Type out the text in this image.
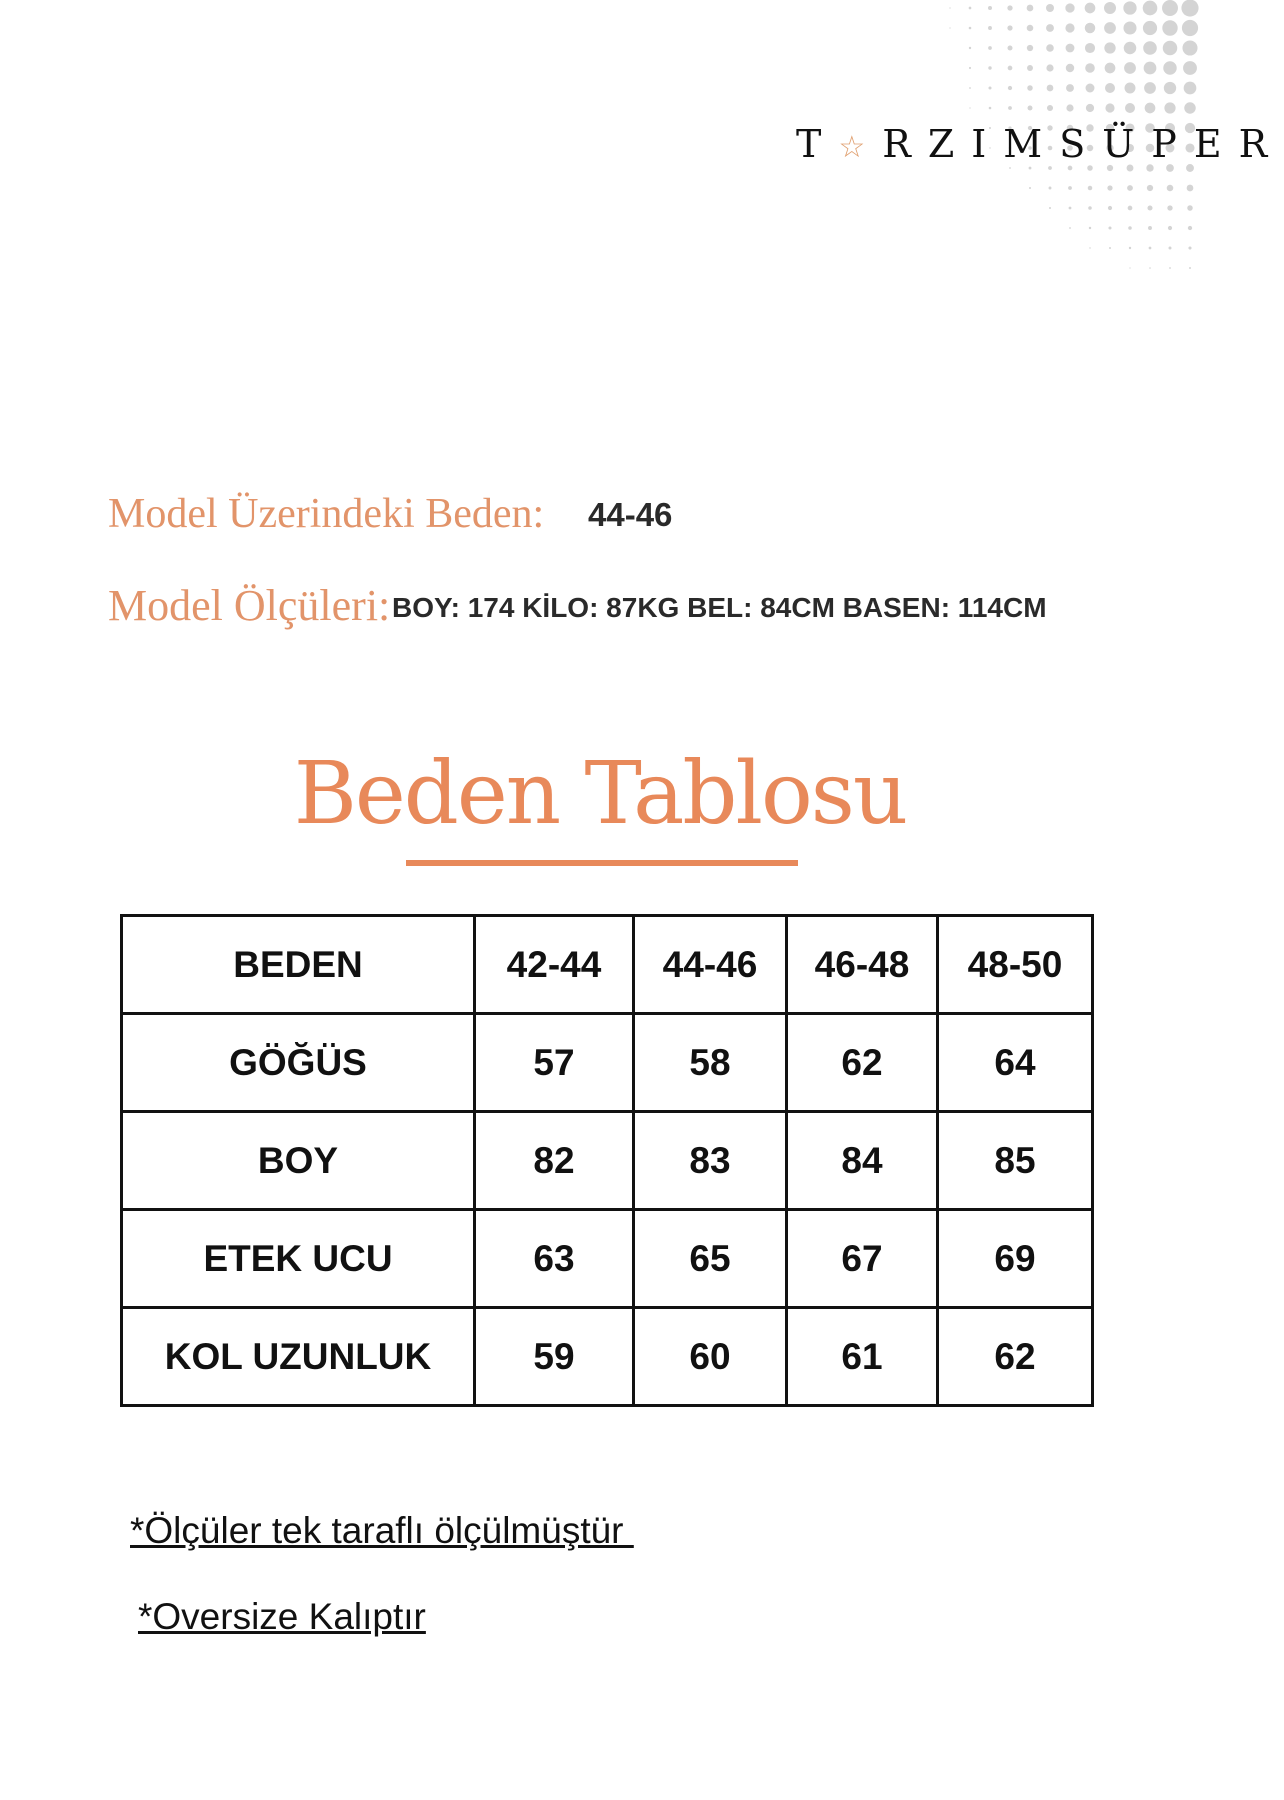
T☆RZIMSÜPER
Model Üzerindeki Beden: 44-46
Model Ölçüleri: BOY: 174 KİLO: 87KG BEL: 84CM BASEN: 114CM
Beden Tablosu
BEDEN	42-44	44-46	46-48	48-50
GÖĞÜS	57	58	62	64
BOY	82	83	84	85
ETEK UCU	63	65	67	69
KOL UZUNLUK	59	60	61	62
*Ölçüler tek taraflı ölçülmüştür
*Oversize Kalıptır
